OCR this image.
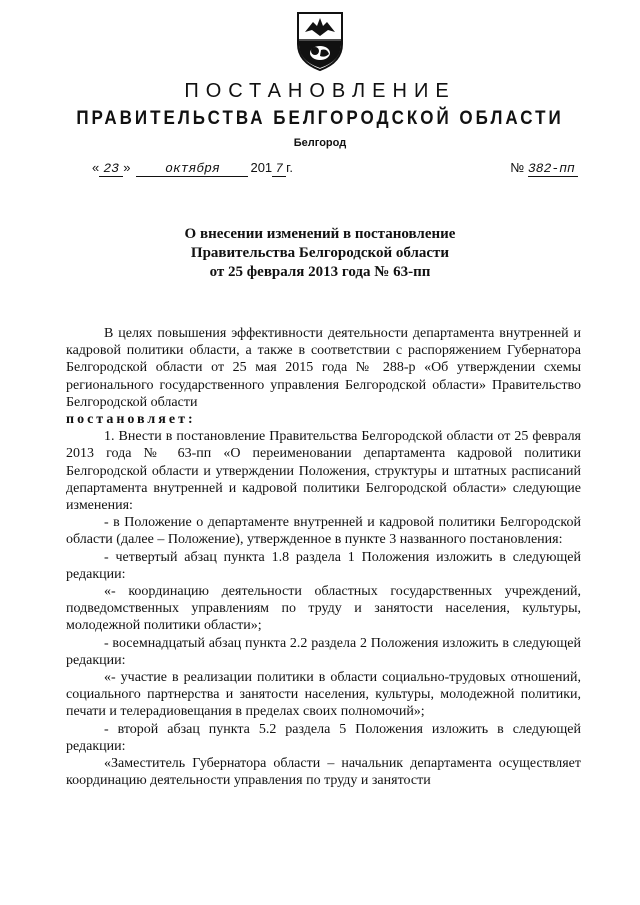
ПОСТАНОВЛЕНИЕ
ПРАВИТЕЛЬСТВА БЕЛГОРОДСКОЙ ОБЛАСТИ
Белгород
« 23 »	октября 201 7 г.	№ 382-пп
О внесении изменений в постановление
Правительства Белгородской области
от 25 февраля 2013 года № 63-пп

В целях повышения эффективности деятельности департамента внутренней и кадровой политики области, а также в соответствии с распоряжением Губернатора Белгородской области от 25 мая 2015 года № 288-р «Об утверждении схемы регионального государственного управления Белгородской области» Правительство Белгородской области

постановляет:

1. Внести в постановление Правительства Белгородской области от 25 февраля 2013 года № 63-пп «О переименовании департамента кадровой политики Белгородской области и утверждении Положения, структуры и штатных расписаний департамента внутренней и кадровой политики Белгородской области» следующие изменения:

- в Положение о департаменте внутренней и кадровой политики Белгородской области (далее – Положение), утвержденное в пункте 3 названного постановления:

- четвертый абзац пункта 1.8 раздела 1 Положения изложить в следующей редакции:

«- координацию деятельности областных государственных учреждений, подведомственных управлениям по труду и занятости населения, культуры, молодежной политики области»;

- восемнадцатый абзац пункта 2.2 раздела 2 Положения изложить в следующей редакции:

«- участие в реализации политики в области социально-трудовых отношений, социального партнерства и занятости населения, культуры, молодежной политики, печати и телерадиовещания в пределах своих полномочий»;

- второй абзац пункта 5.2 раздела 5 Положения изложить в следующей редакции:

«Заместитель Губернатора области – начальник департамента осуществляет координацию деятельности управления по труду и занятости
